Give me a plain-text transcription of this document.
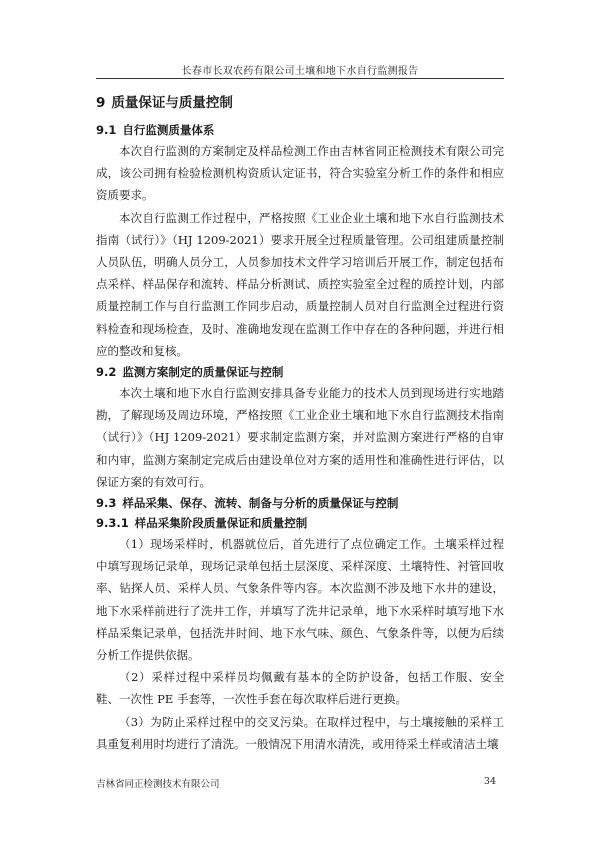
长春市长双农药有限公司土壤和地下水自行监测报告
9 质量保证与质量控制
9.1 自行监测质量体系

本次自行监测的方案制定及样品检测工作由吉林省同正检测技术有限公司完成，该公司拥有检验检测机构资质认定证书，符合实验室分析工作的条件和相应资质要求。

本次自行监测工作过程中，严格按照《工业企业土壤和地下水自行监测技术指南（试行）》（HJ 1209-2021）要求开展全过程质量管理。公司组建质量控制人员队伍，明确人员分工，人员参加技术文件学习培训后开展工作，制定包括布点采样、样品保存和流转、样品分析测试、质控实验室全过程的质控计划，内部质量控制工作与自行监测工作同步启动，质量控制人员对自行监测全过程进行资料检查和现场检查，及时、准确地发现在监测工作中存在的各种问题，并进行相应的整改和复核。

9.2 监测方案制定的质量保证与控制

本次土壤和地下水自行监测安排具备专业能力的技术人员到现场进行实地踏勘，了解现场及周边环境，严格按照《工业企业土壤和地下水自行监测技术指南（试行）》（HJ 1209-2021）要求制定监测方案，并对监测方案进行严格的自审和内审，监测方案制定完成后由建设单位对方案的适用性和准确性进行评估，以保证方案的有效可行。

9.3 样品采集、保存、流转、制备与分析的质量保证与控制
9.3.1 样品采集阶段质量保证和质量控制

（1）现场采样时，机器就位后，首先进行了点位确定工作。土壤采样过程中填写现场记录单，现场记录单包括土层深度、采样深度、土壤特性、衬管回收率、钻探人员、采样人员、气象条件等内容。本次监测不涉及地下水井的建设，地下水采样前进行了洗井工作，并填写了洗井记录单，地下水采样时填写地下水样品采集记录单，包括洗井时间、地下水气味、颜色、气象条件等，以便为后续分析工作提供依据。

（2）采样过程中采样员均佩戴有基本的全防护设备，包括工作服、安全鞋、一次性 PE 手套等，一次性手套在每次取样后进行更换。

（3）为防止采样过程中的交叉污染。在取样过程中，与土壤接触的采样工具重复利用时均进行了清洗。一般情况下用清水清洗，或用待采土样或清洁土壤

吉林省同正检测技术有限公司	34
